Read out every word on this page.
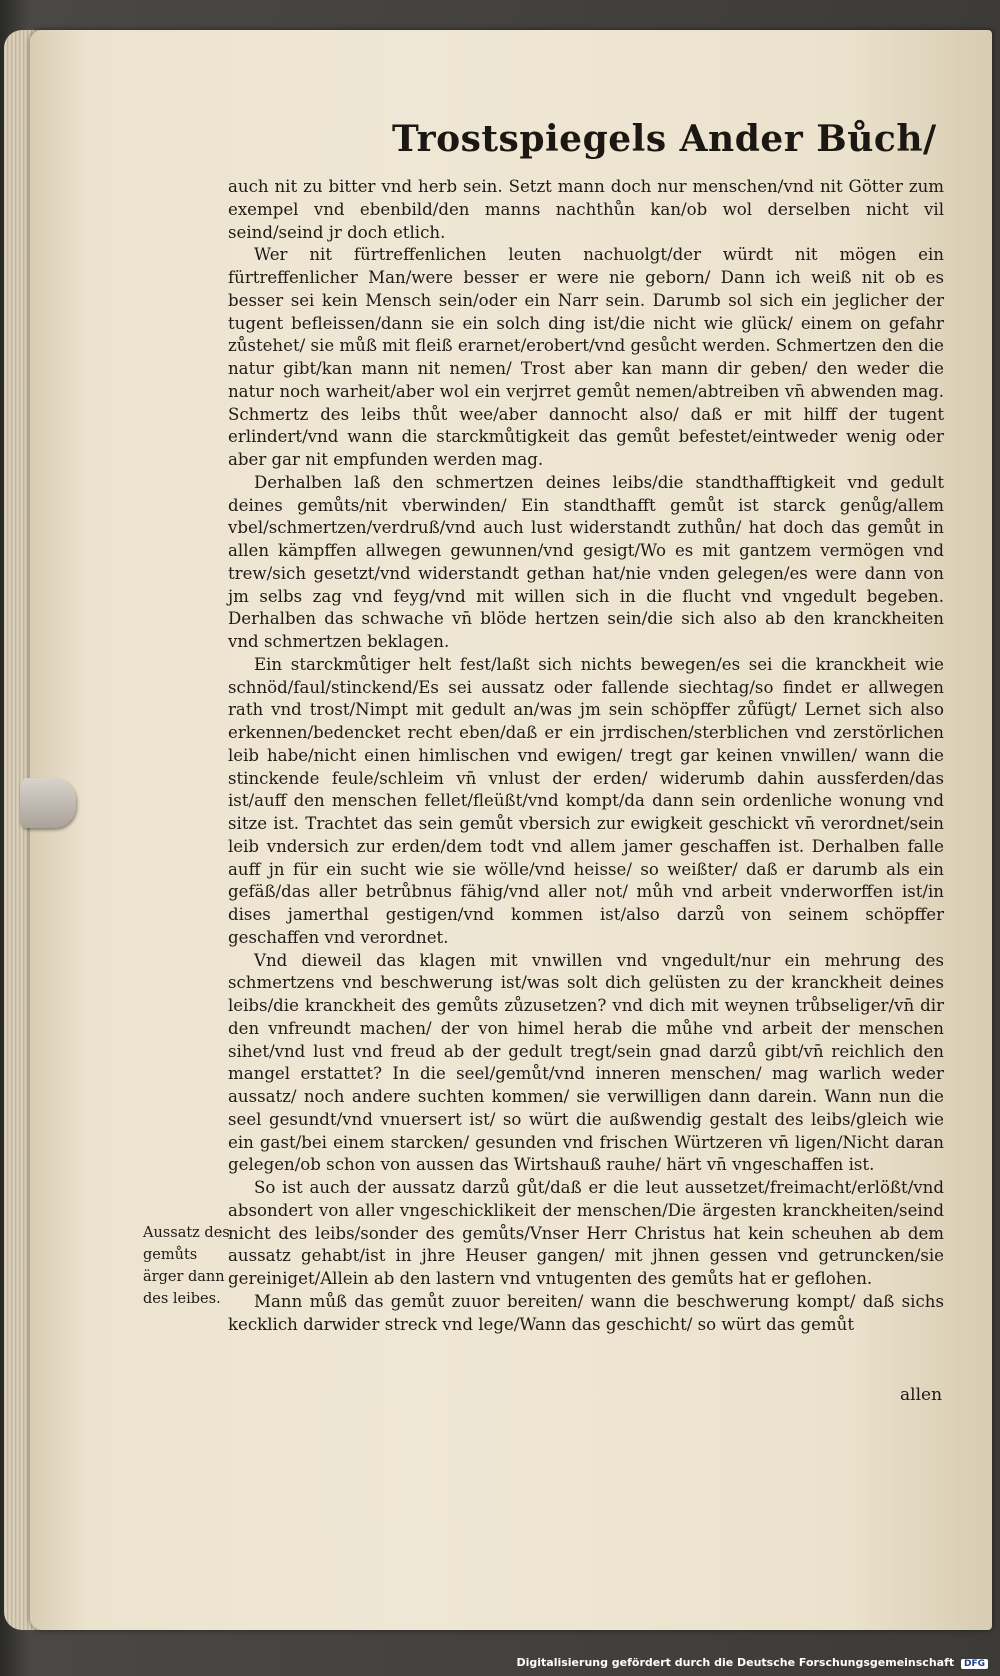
Trostspiegels Ander Bůch/

auch nit zu bitter vnd herb sein. Setzt mann doch nur menschen/vnd nit Götter zum exempel vnd ebenbild/den manns nachthůn kan/ob wol derselben nicht vil seind/seind jr doch etlich.

Wer nit fürtreffenlichen leuten nachuolgt/der würdt nit mögen ein fürtreffenlicher Man/were besser er were nie geborn/ Dann ich weiß nit ob es besser sei kein Mensch sein/oder ein Narr sein. Darumb sol sich ein jeglicher der tugent befleissen/dann sie ein solch ding ist/die nicht wie glück/ einem on gefahr zůstehet/ sie můß mit fleiß erarnet/erobert/vnd gesůcht werden. Schmertzen den die natur gibt/kan mann nit nemen/ Trost aber kan mann dir geben/ den weder die natur noch warheit/aber wol ein verjrret gemůt nemen/abtreiben vn̄ abwenden mag. Schmertz des leibs thůt wee/aber dannocht also/ daß er mit hilff der tugent erlindert/vnd wann die starckmůtigkeit das gemůt befestet/eintweder wenig oder aber gar nit empfunden werden mag.

Derhalben laß den schmertzen deines leibs/die standthafftigkeit vnd gedult deines gemůts/nit vberwinden/ Ein standthafft gemůt ist starck genůg/allem vbel/schmertzen/verdruß/vnd auch lust widerstandt zuthůn/ hat doch das gemůt in allen kämpffen allwegen gewunnen/vnd gesigt/Wo es mit gantzem vermögen vnd trew/sich gesetzt/vnd widerstandt gethan hat/nie vnden gelegen/es were dann von jm selbs zag vnd feyg/vnd mit willen sich in die flucht vnd vngedult begeben. Derhalben das schwache vn̄ blöde hertzen sein/die sich also ab den kranckheiten vnd schmertzen beklagen.

Ein starckmůtiger helt fest/laßt sich nichts bewegen/es sei die kranckheit wie schnöd/faul/stinckend/Es sei aussatz oder fallende siechtag/so findet er allwegen rath vnd trost/Nimpt mit gedult an/was jm sein schöpffer zůfügt/ Lernet sich also erkennen/bedencket recht eben/daß er ein jrrdischen/sterblichen vnd zerstörlichen leib habe/nicht einen himlischen vnd ewigen/ tregt gar keinen vnwillen/ wann die stinckende feule/schleim vn̄ vnlust der erden/ widerumb dahin aussferden/das ist/auff den menschen fellet/fleüßt/vnd kompt/da dann sein ordenliche wonung vnd sitze ist. Trachtet das sein gemůt vbersich zur ewigkeit geschickt vn̄ verordnet/sein leib vndersich zur erden/dem todt vnd allem jamer geschaffen ist. Derhalben falle auff jn für ein sucht wie sie wölle/vnd heisse/ so weißter/ daß er darumb als ein gefäß/das aller betrůbnus fähig/vnd aller not/ můh vnd arbeit vnderworffen ist/in dises jamerthal gestigen/vnd kommen ist/also darzů von seinem schöpffer geschaffen vnd verordnet.

Vnd dieweil das klagen mit vnwillen vnd vngedult/nur ein mehrung des schmertzens vnd beschwerung ist/was solt dich gelüsten zu der kranckheit deines leibs/die kranckheit des gemůts zůzusetzen? vnd dich mit weynen trůbseliger/vn̄ dir den vnfreundt machen/ der von himel herab die můhe vnd arbeit der menschen sihet/vnd lust vnd freud ab der gedult tregt/sein gnad darzů gibt/vn̄ reichlich den mangel erstattet? In die seel/gemůt/vnd inneren menschen/ mag warlich weder aussatz/ noch andere suchten kommen/ sie verwilligen dann darein. Wann nun die seel gesundt/vnd vnuersert ist/ so würt die außwendig gestalt des leibs/gleich wie ein gast/bei einem starcken/ gesunden vnd frischen Würtzeren vn̄ ligen/Nicht daran gelegen/ob schon von aussen das Wirtshauß rauhe/ härt vn̄ vngeschaffen ist.

So ist auch der aussatz darzů gůt/daß er die leut aussetzet/freimacht/erlößt/vnd absondert von aller vngeschicklikeit der menschen/Die ärgesten kranckheiten/seind nicht des leibs/sonder des gemůts/Vnser Herr Christus hat kein scheuhen ab dem aussatz gehabt/ist in jhre Heuser gangen/ mit jhnen gessen vnd getruncken/sie gereiniget/Allein ab den lastern vnd vntugenten des gemůts hat er geflohen.

Mann můß das gemůt zuuor bereiten/ wann die beschwerung kompt/ daß sichs kecklich darwider streck vnd lege/Wann das geschicht/ so würt das gemůt

Aussatz des gemůts ärger dann des leibes.
allen
Digitalisierung gefördert durch die Deutsche Forschungsgemeinschaft DFG
